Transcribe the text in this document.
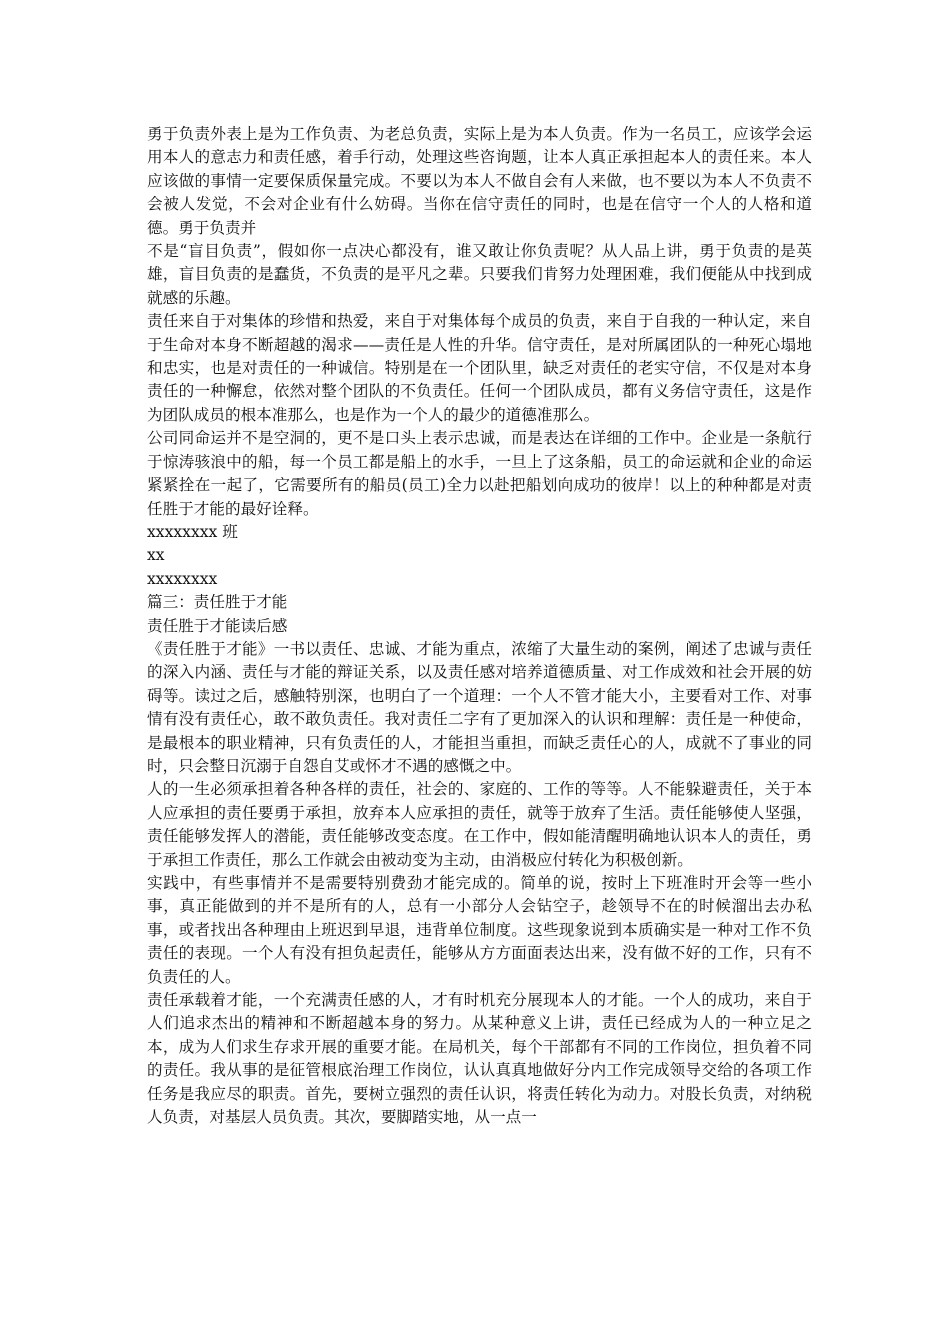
勇于负责外表上是为工作负责、为老总负责，实际上是为本人负责。作为一名员工，应该学会运用本人的意志力和责任感，着手行动，处理这些咨询题，让本人真正承担起本人的责任来。本人应该做的事情一定要保质保量完成。不要以为本人不做自会有人来做，也不要以为本人不负责不会被人发觉，不会对企业有什么妨碍。当你在信守责任的同时，也是在信守一个人的人格和道德。勇于负责并

不是“盲目负责”，假如你一点决心都没有，谁又敢让你负责呢？从人品上讲，勇于负责的是英雄，盲目负责的是蠢货，不负责的是平凡之辈。只要我们肯努力处理困难，我们便能从中找到成就感的乐趣。

责任来自于对集体的珍惜和热爱，来自于对集体每个成员的负责，来自于自我的一种认定，来自于生命对本身不断超越的渴求——责任是人性的升华。信守责任，是对所属团队的一种死心塌地和忠实，也是对责任的一种诚信。特别是在一个团队里，缺乏对责任的老实守信，不仅是对本身责任的一种懈怠，依然对整个团队的不负责任。任何一个团队成员，都有义务信守责任，这是作为团队成员的根本准那么，也是作为一个人的最少的道德准那么。

公司同命运并不是空洞的，更不是口头上表示忠诚，而是表达在详细的工作中。企业是一条航行于惊涛骇浪中的船，每一个员工都是船上的水手，一旦上了这条船，员工的命运就和企业的命运紧紧拴在一起了，它需要所有的船员(员工)全力以赴把船划向成功的彼岸！以上的种种都是对责任胜于才能的最好诠释。

xxxxxxxx 班

xx

xxxxxxxx

篇三：责任胜于才能

责任胜于才能读后感

《责任胜于才能》一书以责任、忠诚、才能为重点，浓缩了大量生动的案例，阐述了忠诚与责任的深入内涵、责任与才能的辩证关系，以及责任感对培养道德质量、对工作成效和社会开展的妨碍等。读过之后，感触特别深，也明白了一个道理：一个人不管才能大小，主要看对工作、对事情有没有责任心，敢不敢负责任。我对责任二字有了更加深入的认识和理解：责任是一种使命，是最根本的职业精神，只有负责任的人，才能担当重担，而缺乏责任心的人，成就不了事业的同时，只会整日沉溺于自怨自艾或怀才不遇的感慨之中。

人的一生必须承担着各种各样的责任，社会的、家庭的、工作的等等。人不能躲避责任，关于本人应承担的责任要勇于承担，放弃本人应承担的责任，就等于放弃了生活。责任能够使人坚强，责任能够发挥人的潜能，责任能够改变态度。在工作中，假如能清醒明确地认识本人的责任，勇于承担工作责任，那么工作就会由被动变为主动，由消极应付转化为积极创新。

实践中，有些事情并不是需要特别费劲才能完成的。简单的说，按时上下班准时开会等一些小事，真正能做到的并不是所有的人，总有一小部分人会钻空子，趁领导不在的时候溜出去办私事，或者找出各种理由上班迟到早退，违背单位制度。这些现象说到本质确实是一种对工作不负责任的表现。一个人有没有担负起责任，能够从方方面面表达出来，没有做不好的工作，只有不负责任的人。

责任承载着才能，一个充满责任感的人，才有时机充分展现本人的才能。一个人的成功，来自于人们追求杰出的精神和不断超越本身的努力。从某种意义上讲，责任已经成为人的一种立足之本，成为人们求生存求开展的重要才能。在局机关，每个干部都有不同的工作岗位，担负着不同的责任。我从事的是征管根底治理工作岗位，认认真真地做好分内工作完成领导交给的各项工作任务是我应尽的职责。首先，要树立强烈的责任认识，将责任转化为动力。对股长负责，对纳税人负责，对基层人员负责。其次，要脚踏实地，从一点一
